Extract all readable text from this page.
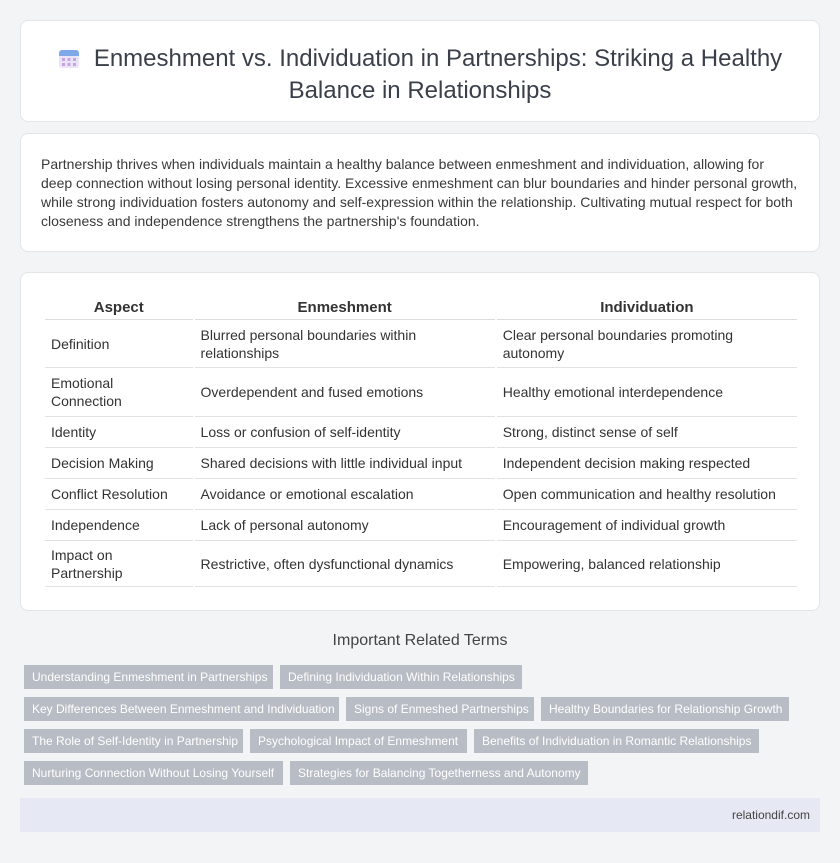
Enmeshment vs. Individuation in Partnerships: Striking a Healthy Balance in Relationships
Partnership thrives when individuals maintain a healthy balance between enmeshment and individuation, allowing for deep connection without losing personal identity. Excessive enmeshment can blur boundaries and hinder personal growth, while strong individuation fosters autonomy and self-expression within the relationship. Cultivating mutual respect for both closeness and independence strengthens the partnership's foundation.
Aspect	Enmeshment	Individuation
Definition	Blurred personal boundaries within relationships	Clear personal boundaries promoting autonomy
Emotional Connection	Overdependent and fused emotions	Healthy emotional interdependence
Identity	Loss or confusion of self-identity	Strong, distinct sense of self
Decision Making	Shared decisions with little individual input	Independent decision making respected
Conflict Resolution	Avoidance or emotional escalation	Open communication and healthy resolution
Independence	Lack of personal autonomy	Encouragement of individual growth
Impact on Partnership	Restrictive, often dysfunctional dynamics	Empowering, balanced relationship
Important Related Terms
Understanding Enmeshment in Partnerships	Defining Individuation Within Relationships
Key Differences Between Enmeshment and Individuation	Signs of Enmeshed Partnerships	Healthy Boundaries for Relationship Growth
The Role of Self-Identity in Partnership	Psychological Impact of Enmeshment	Benefits of Individuation in Romantic Relationships
Nurturing Connection Without Losing Yourself	Strategies for Balancing Togetherness and Autonomy
relationdif.com
